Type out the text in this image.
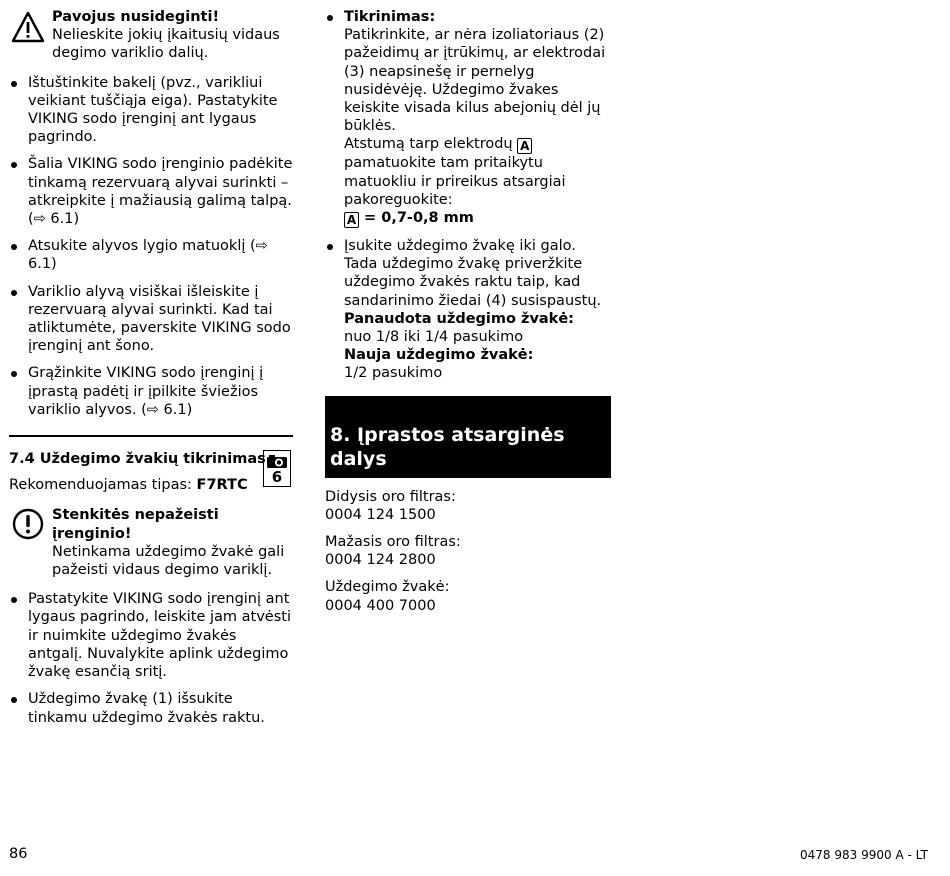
Pavojus nusideginti!
Nelieskite jokių įkaitusių vidaus degimo variklio dalių.
Ištuštinkite bakelį (pvz., varikliui veikiant tuščiąja eiga). Pastatykite VIKING sodo įrenginį ant lygaus pagrindo.
Šalia VIKING sodo įrenginio padėkite tinkamą rezervuarą alyvai surinkti – atkreipkite į mažiausią galimą talpą. (⇨ 6.1)
Atsukite alyvos lygio matuoklį (⇨ 6.1)
Variklio alyvą visiškai išleiskite į rezervuarą alyvai surinkti. Kad tai atliktumėte, paverskite VIKING sodo įrenginį ant šono.
Grąžinkite VIKING sodo įrenginį į įprastą padėtį ir įpilkite šviežios variklio alyvos. (⇨ 6.1)
7.4 Uždegimo žvakių tikrinimas
Rekomenduojamas tipas: F7RTC	6
Stenkitės nepažeisti įrenginio!
Netinkama uždegimo žvakė gali pažeisti vidaus degimo variklį.
Pastatykite VIKING sodo įrenginį ant lygaus pagrindo, leiskite jam atvėsti ir nuimkite uždegimo žvakės antgalį. Nuvalykite aplink uždegimo žvakę esančią sritį.
Uždegimo žvakę (1) išsukite tinkamu uždegimo žvakės raktu.
Tikrinimas:
Patikrinkite, ar nėra izoliatoriaus (2) pažeidimų ar įtrūkimų, ar elektrodai (3) neapsinešę ir pernelyg nusidėvėję. Uždegimo žvakes keiskite visada kilus abejonių dėl jų būklės.
Atstumą tarp elektrodų A pamatuokite tam pritaikytu matuokliu ir prireikus atsargiai pakoreguokite:
A = 0,7-0,8 mm
Įsukite uždegimo žvakę iki galo. Tada uždegimo žvakę priveržkite uždegimo žvakės raktu taip, kad sandarinimo žiedai (4) susispaustų.
Panaudota uždegimo žvakė:
nuo 1/8 iki 1/4 pasukimo
Nauja uždegimo žvakė:
1/2 pasukimo
8. Įprastos atsarginės dalys
Didysis oro filtras:
0004 124 1500
Mažasis oro filtras:
0004 124 2800
Uždegimo žvakė:
0004 400 7000
86	0478 983 9900 A - LT
